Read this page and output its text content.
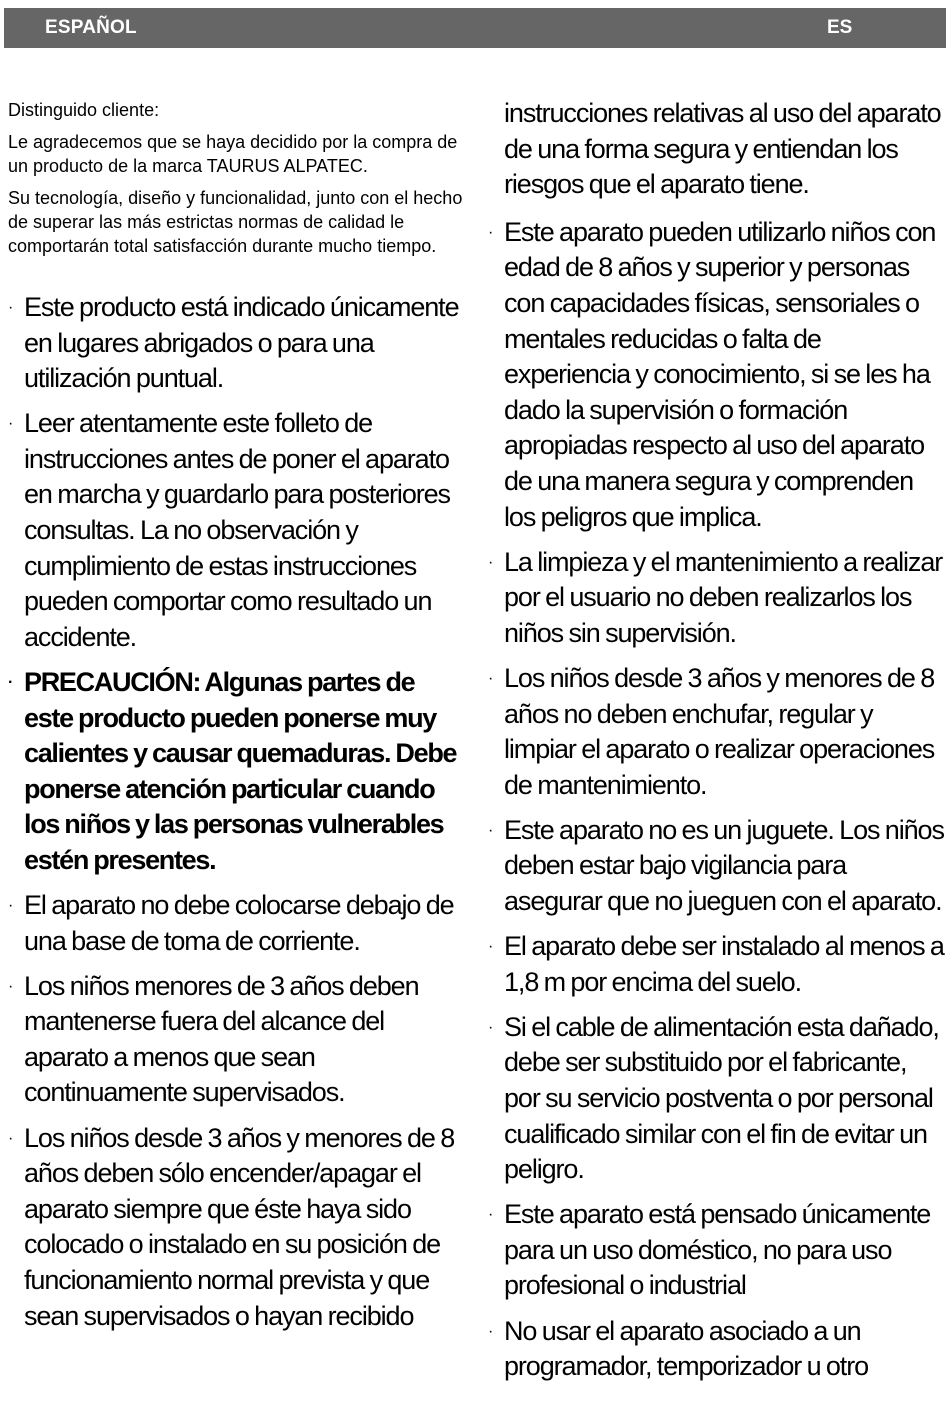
ESPAÑOL	ES

Distinguido cliente:

Le agradecemos que se haya decidido por la compra de un producto de la marca TAURUS ALPATEC.

Su tecnología, diseño y funcionalidad, junto con el hecho de superar las más estrictas normas de calidad le comportarán total satisfacción durante mucho tiempo.

· Este producto está indicado únicamente en lugares abrigados o para una utilización puntual.
· Leer atentamente este folleto de instrucciones antes de poner el aparato en marcha y guardarlo para posteriores consultas. La no observación y cumplimiento de estas instrucciones pueden comportar como resultado un accidente.
· PRECAUCIÓN: Algunas partes de este producto pueden ponerse muy calientes y causar quemaduras. Debe ponerse atención particular cuando los niños y las personas vulnerables estén presentes.
· El aparato no debe colocarse debajo de una base de toma de corriente.
· Los niños menores de 3 años deben mantenerse fuera del alcance del aparato a menos que sean continuamente supervisados.
· Los niños desde 3 años y menores de 8 años deben sólo encender/apagar el aparato siempre que éste haya sido colocado o instalado en su posición de funcionamiento normal prevista y que sean supervisados o hayan recibido

instrucciones relativas al uso del aparato de una forma segura y entiendan los riesgos que el aparato tiene.

· Este aparato pueden utilizarlo niños con edad de 8 años y superior y personas con capacidades físicas, sensoriales o mentales reducidas o falta de experiencia y conocimiento, si se les ha dado la supervisión o formación apropiadas respecto al uso del aparato de una manera segura y comprenden los peligros que implica.
· La limpieza y el mantenimiento a realizar por el usuario no deben realizarlos los niños sin supervisión.
· Los niños desde 3 años y menores de 8 años no deben enchufar, regular y limpiar el aparato o realizar operaciones de mantenimiento.
· Este aparato no es un juguete. Los niños deben estar bajo vigilancia para asegurar que no jueguen con el aparato.
· El aparato debe ser instalado al menos a 1,8 m por encima del suelo.
· Si el cable de alimentación esta dañado, debe ser substituido por el fabricante, por su servicio postventa o por personal cualificado similar con el fin de evitar un peligro.
· Este aparato está pensado únicamente para un uso doméstico, no para uso profesional o industrial
· No usar el aparato asociado a un programador, temporizador u otro
